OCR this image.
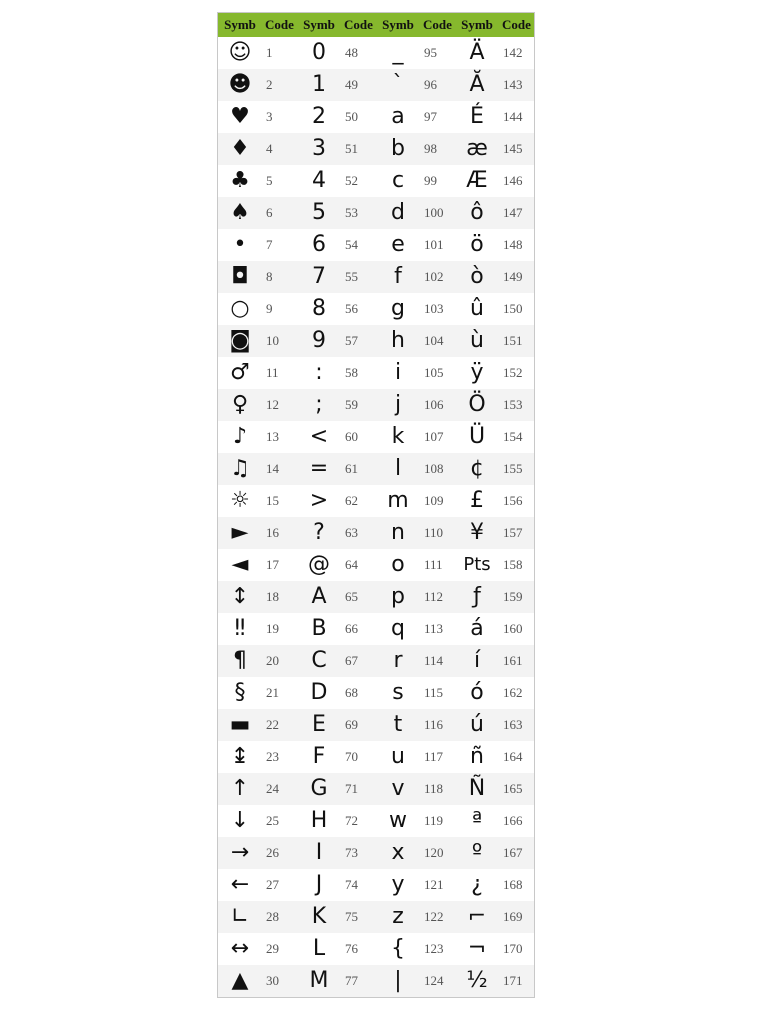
Symb	Code	Symb	Code	Symb	Code	Symb	Code
☺	1	0	48	_	95	Ä	142
☻	2	1	49	`	96	Ă	143
♥	3	2	50	a	97	É	144
♦	4	3	51	b	98	æ	145
♣	5	4	52	c	99	Æ	146
♠	6	5	53	d	100	ô	147
•	7	6	54	e	101	ö	148
◘	8	7	55	f	102	ò	149
○	9	8	56	g	103	û	150
◙	10	9	57	h	104	ù	151
♂	11	:	58	i	105	ÿ	152
♀	12	;	59	j	106	Ö	153
♪	13	<	60	k	107	Ü	154
♫	14	=	61	l	108	¢	155
☼	15	>	62	m	109	£	156
►	16	?	63	n	110	¥	157
◄	17	@	64	o	111	Pts	158
↕	18	A	65	p	112	ƒ	159
‼	19	B	66	q	113	á	160
¶	20	C	67	r	114	í	161
§	21	D	68	s	115	ó	162
▬	22	E	69	t	116	ú	163
↨	23	F	70	u	117	ñ	164
↑	24	G	71	v	118	Ñ	165
↓	25	H	72	w	119	ª	166
→	26	I	73	x	120	º	167
←	27	J	74	y	121	¿	168
∟	28	K	75	z	122	⌐	169
↔	29	L	76	{	123	¬	170
▲	30	M	77	|	124	½	171
